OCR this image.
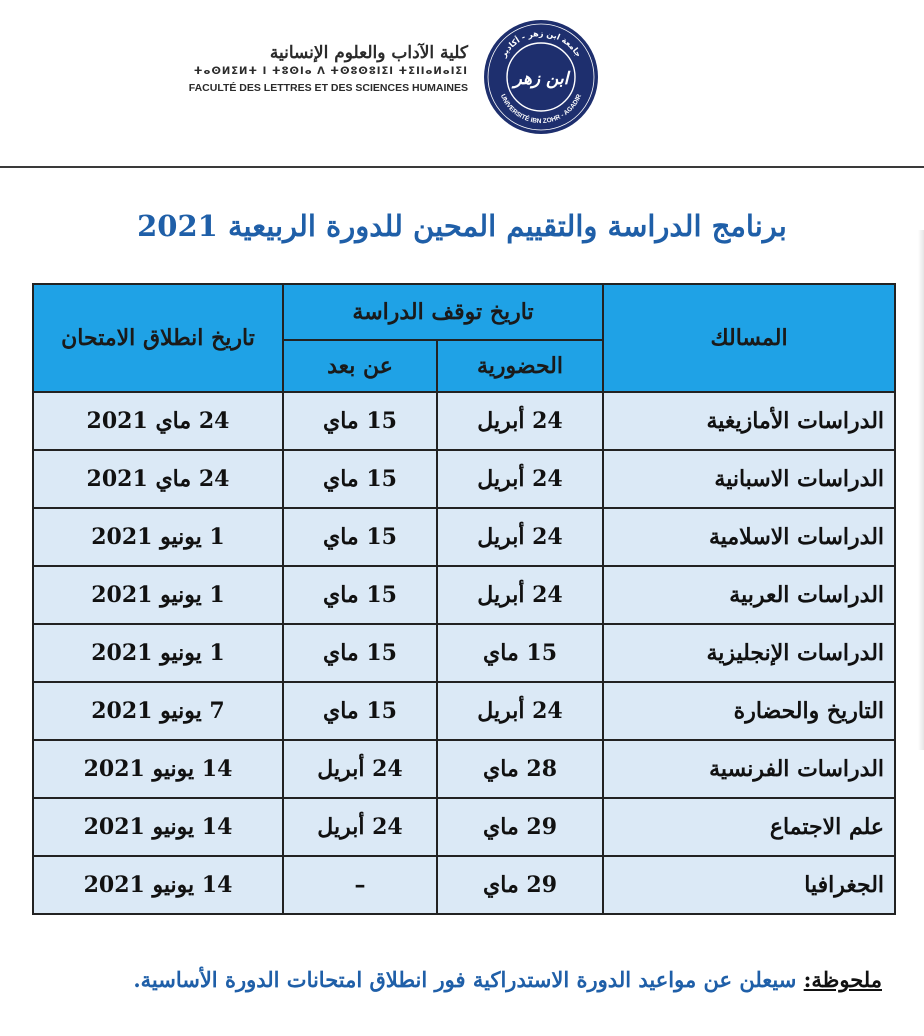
كلية الآداب والعلوم الإنسانية
ⵜⴰⵙⵍⵉⵍⵜ ⵏ ⵜⵓⵙⵏⴰ ⴷ ⵜⵙⵓⵙⵓⵏⵉⵏ ⵜⵉⵏⵏⴰⵍⴰⵏⵉⵏ
FACULTÉ DES LETTRES ET DES SCIENCES HUMAINES
جامعة ابن زهر - أكادير
UNIVERSITÉ IBN ZOHR - AGADIR
ابن زهر
برنامج الدراسة والتقييم المحين للدورة الربيعية 2021
المسالك	تاريخ توقف الدراسة		تاريخ انطلاق الامتحان
	الحضورية	عن بعد	
الدراسات الأمازيغية	24 أبريل	15 ماي	24 ماي 2021
الدراسات الاسبانية	24 أبريل	15 ماي	24 ماي 2021
الدراسات الاسلامية	24 أبريل	15 ماي	1 يونيو 2021
الدراسات العربية	24 أبريل	15 ماي	1 يونيو 2021
الدراسات الإنجليزية	15 ماي	15 ماي	1 يونيو 2021
التاريخ والحضارة	24 أبريل	15 ماي	7 يونيو 2021
الدراسات الفرنسية	28 ماي	24 أبريل	14 يونيو 2021
علم الاجتماع	29 ماي	24 أبريل	14 يونيو 2021
الجغرافيا	29 ماي	–	14 يونيو 2021
ملحوظة: سيعلن عن مواعيد الدورة الاستدراكية فور انطلاق امتحانات الدورة الأساسية.
